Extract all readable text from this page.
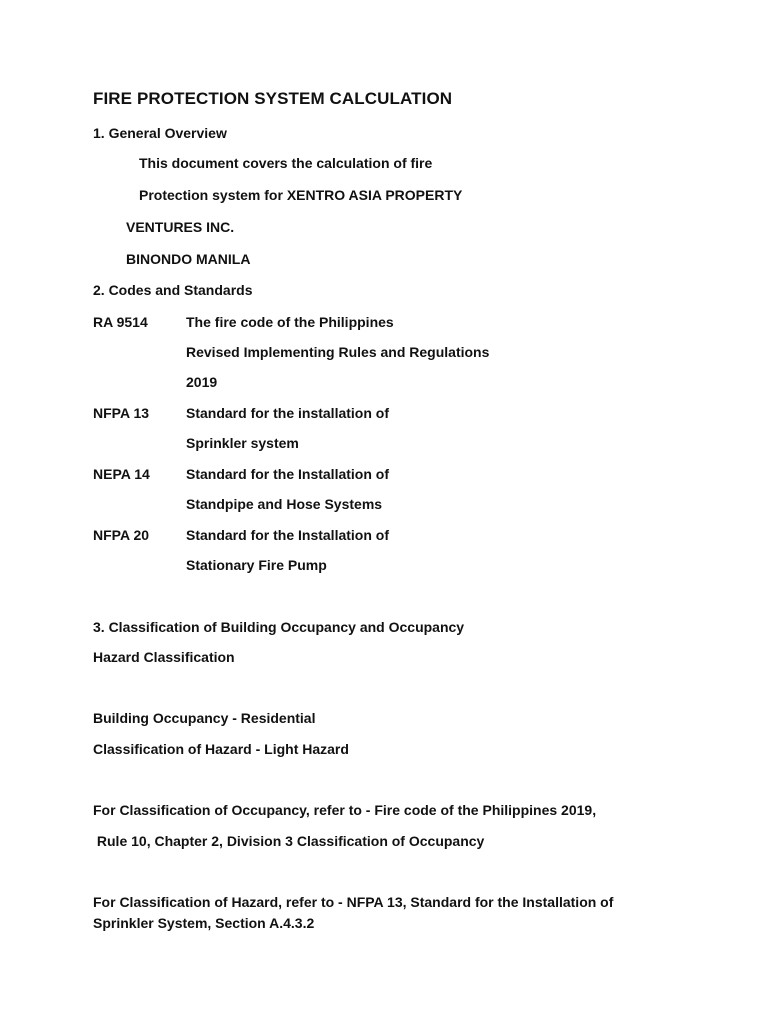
FIRE PROTECTION SYSTEM CALCULATION
1. General Overview
This document covers the calculation of fire
Protection system for XENTRO ASIA PROPERTY
VENTURES INC.
BINONDO MANILA
2. Codes and Standards
RA 9514	The fire code of the Philippines
Revised Implementing Rules and Regulations
2019
NFPA 13	Standard for the installation of
Sprinkler system
NEPA 14	Standard for the Installation of
Standpipe and Hose Systems
NFPA 20	Standard for the Installation of
Stationary Fire Pump
3. Classification of Building Occupancy and Occupancy
Hazard Classification
Building Occupancy - Residential
Classification of Hazard - Light Hazard
For Classification of Occupancy, refer to - Fire code of the Philippines 2019,
Rule 10, Chapter 2, Division 3 Classification of Occupancy
For Classification of Hazard, refer to - NFPA 13, Standard for the Installation of
Sprinkler System, Section A.4.3.2
